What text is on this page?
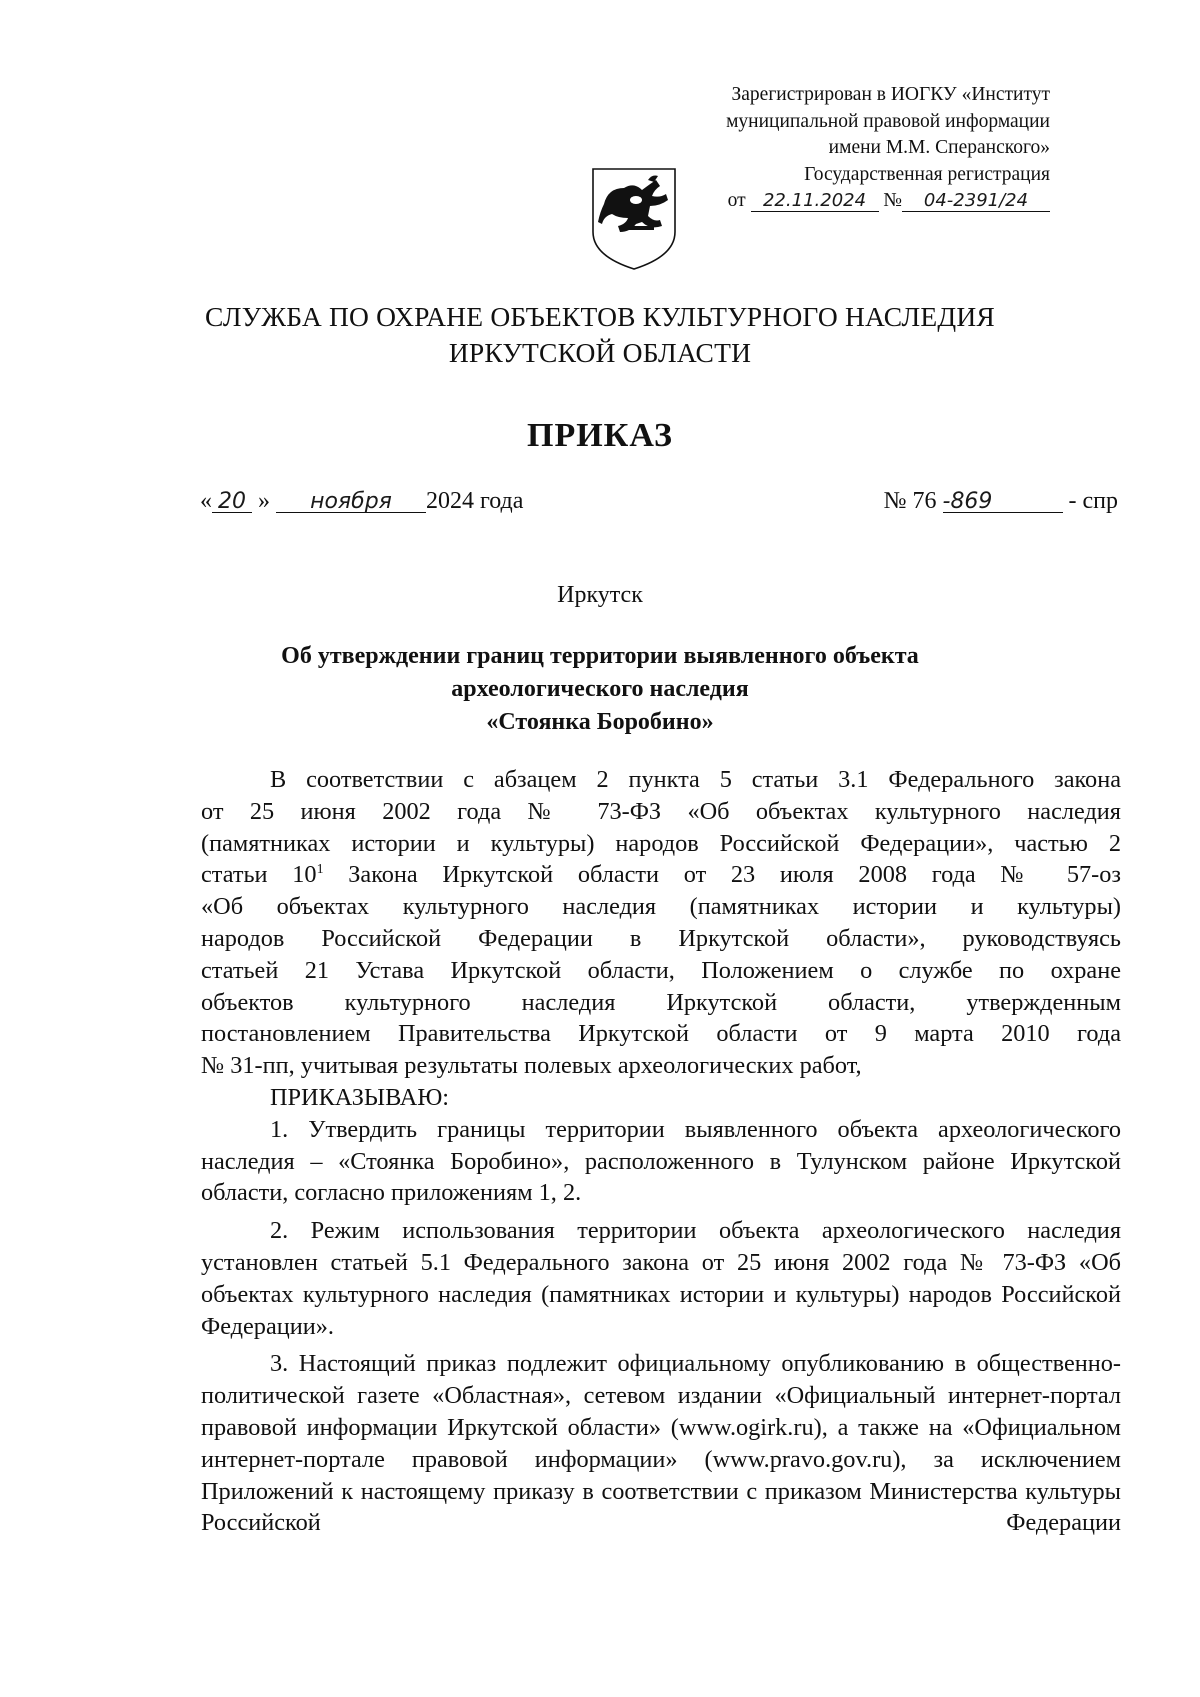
Зарегистрирован в ИОГКУ «Институт
муниципальной правовой информации
имени М.М. Сперанского»
Государственная регистрация
от 22.11.2024 № 04-2391/24
СЛУЖБА ПО ОХРАНЕ ОБЪЕКТОВ КУЛЬТУРНОГО НАСЛЕДИЯ
ИРКУТСКОЙ ОБЛАСТИ
ПРИКАЗ
« 20 » ноября 2024 года	№ 76 -869	- спр
Иркутск
Об утверждении границ территории выявленного объекта
археологического наследия
«Стоянка Боробино»

В соответствии с абзацем 2 пункта 5 статьи 3.1 Федерального закона

от 25 июня 2002 года № 73-ФЗ «Об объектах культурного наследия

(памятниках истории и культуры) народов Российской Федерации», частью 2

статьи $10^1$ Закона Иркутской области от 23 июля 2008 года № 57-оз

«Об объектах культурного наследия (памятниках истории и культуры)

народов Российской Федерации в Иркутской области», руководствуясь

статьей 21 Устава Иркутской области, Положением о службе по охране

объектов культурного наследия Иркутской области, утвержденным

постановлением Правительства Иркутской области от 9 марта 2010 года

№ 31-пп, учитывая результаты полевых археологических работ,

ПРИКАЗЫВАЮ:

1. Утвердить границы территории выявленного объекта археологического наследия – «Стоянка Боробино», расположенного в Тулунском районе Иркутской области, согласно приложениям 1, 2.

2. Режим использования территории объекта археологического наследия установлен статьей 5.1 Федерального закона от 25 июня 2002 года № 73-ФЗ «Об объектах культурного наследия (памятниках истории и культуры) народов Российской Федерации».

3. Настоящий приказ подлежит официальному опубликованию в общественно-политической газете «Областная», сетевом издании «Официальный интернет-портал правовой информации Иркутской области» (www.ogirk.ru), а также на «Официальном интернет-портале правовой информации» (www.pravo.gov.ru), за исключением Приложений к настоящему приказу в соответствии с приказом Министерства культуры Российской Федерации
